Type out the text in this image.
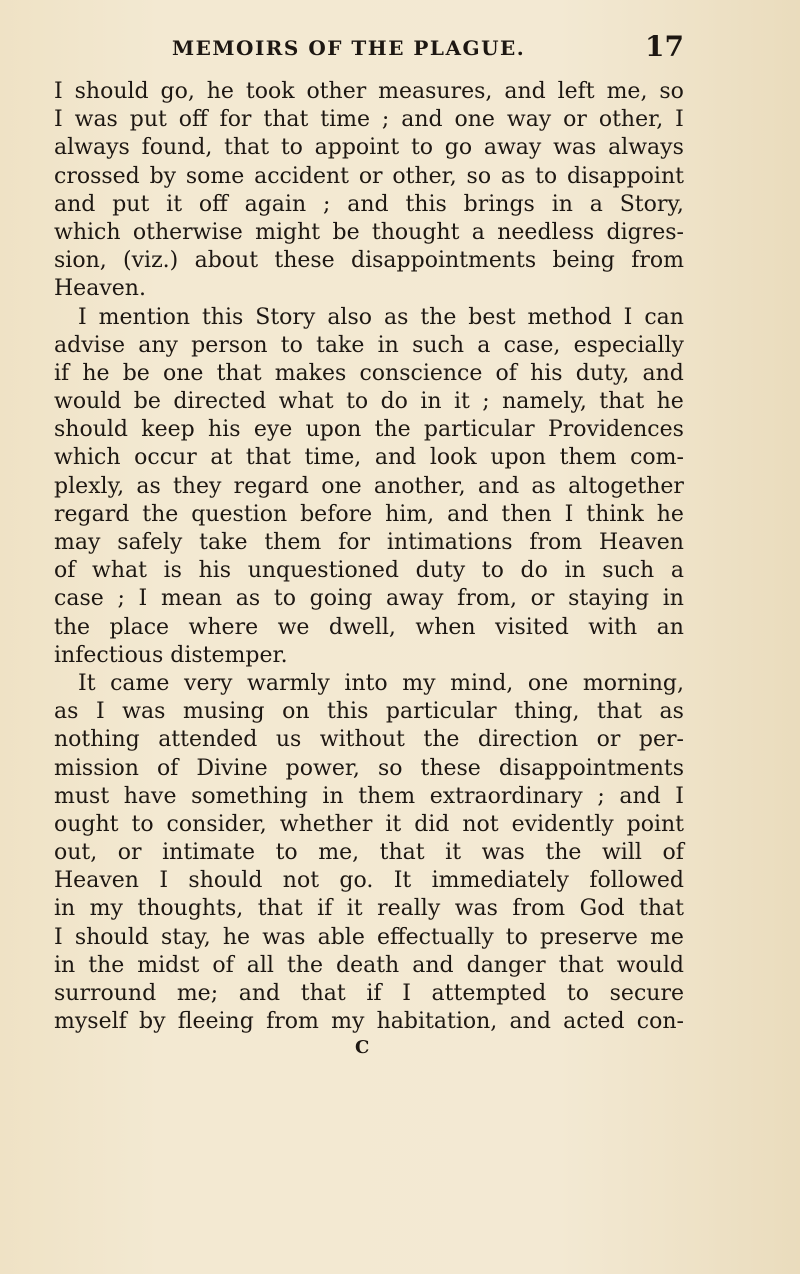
MEMOIRS OF THE PLAGUE.	17
I should go, he took other measures, and left me, so
I was put off for that time ; and one way or other, I
always found, that to appoint to go away was always
crossed by some accident or other, so as to disappoint
and put it off again ; and this brings in a Story,
which otherwise might be thought a needless digres-
sion, (viz.) about these disappointments being from
Heaven.
I mention this Story also as the best method I can
advise any person to take in such a case, especially
if he be one that makes conscience of his duty, and
would be directed what to do in it ; namely, that he
should keep his eye upon the particular Providences
which occur at that time, and look upon them com-
plexly, as they regard one another, and as altogether
regard the question before him, and then I think he
may safely take them for intimations from Heaven
of what is his unquestioned duty to do in such a
case ; I mean as to going away from, or staying in
the place where we dwell, when visited with an
infectious distemper.
It came very warmly into my mind, one morning,
as I was musing on this particular thing, that as
nothing attended us without the direction or per-
mission of Divine power, so these disappointments
must have something in them extraordinary ; and I
ought to consider, whether it did not evidently point
out, or intimate to me, that it was the will of
Heaven I should not go. It immediately followed
in my thoughts, that if it really was from God that
I should stay, he was able effectually to preserve me
in the midst of all the death and danger that would
surround me; and that if I attempted to secure
myself by fleeing from my habitation, and acted con-
C
